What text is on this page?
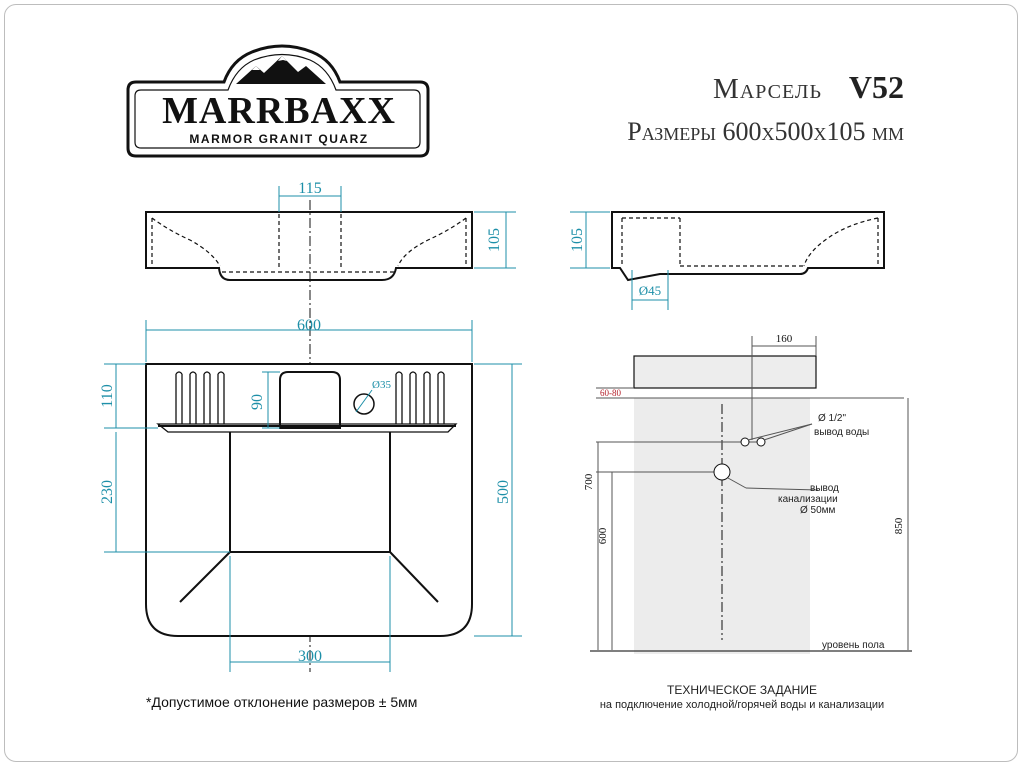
MARRBAXX
MARMOR GRANIT QUARZ
Марсель V52
Размеры 600х500х105 мм
115
105
Ø45
105
600
Ø35
90
110
230	500
300
160
60-80
Ø 1/2"
вывод воды
вывод
канализации
Ø 50мм
700
600
850
уровень пола
*Допустимое отклонение размеров ± 5мм
ТЕХНИЧЕСКОЕ ЗАДАНИЕ
на подключение холодной/горячей воды и канализации
